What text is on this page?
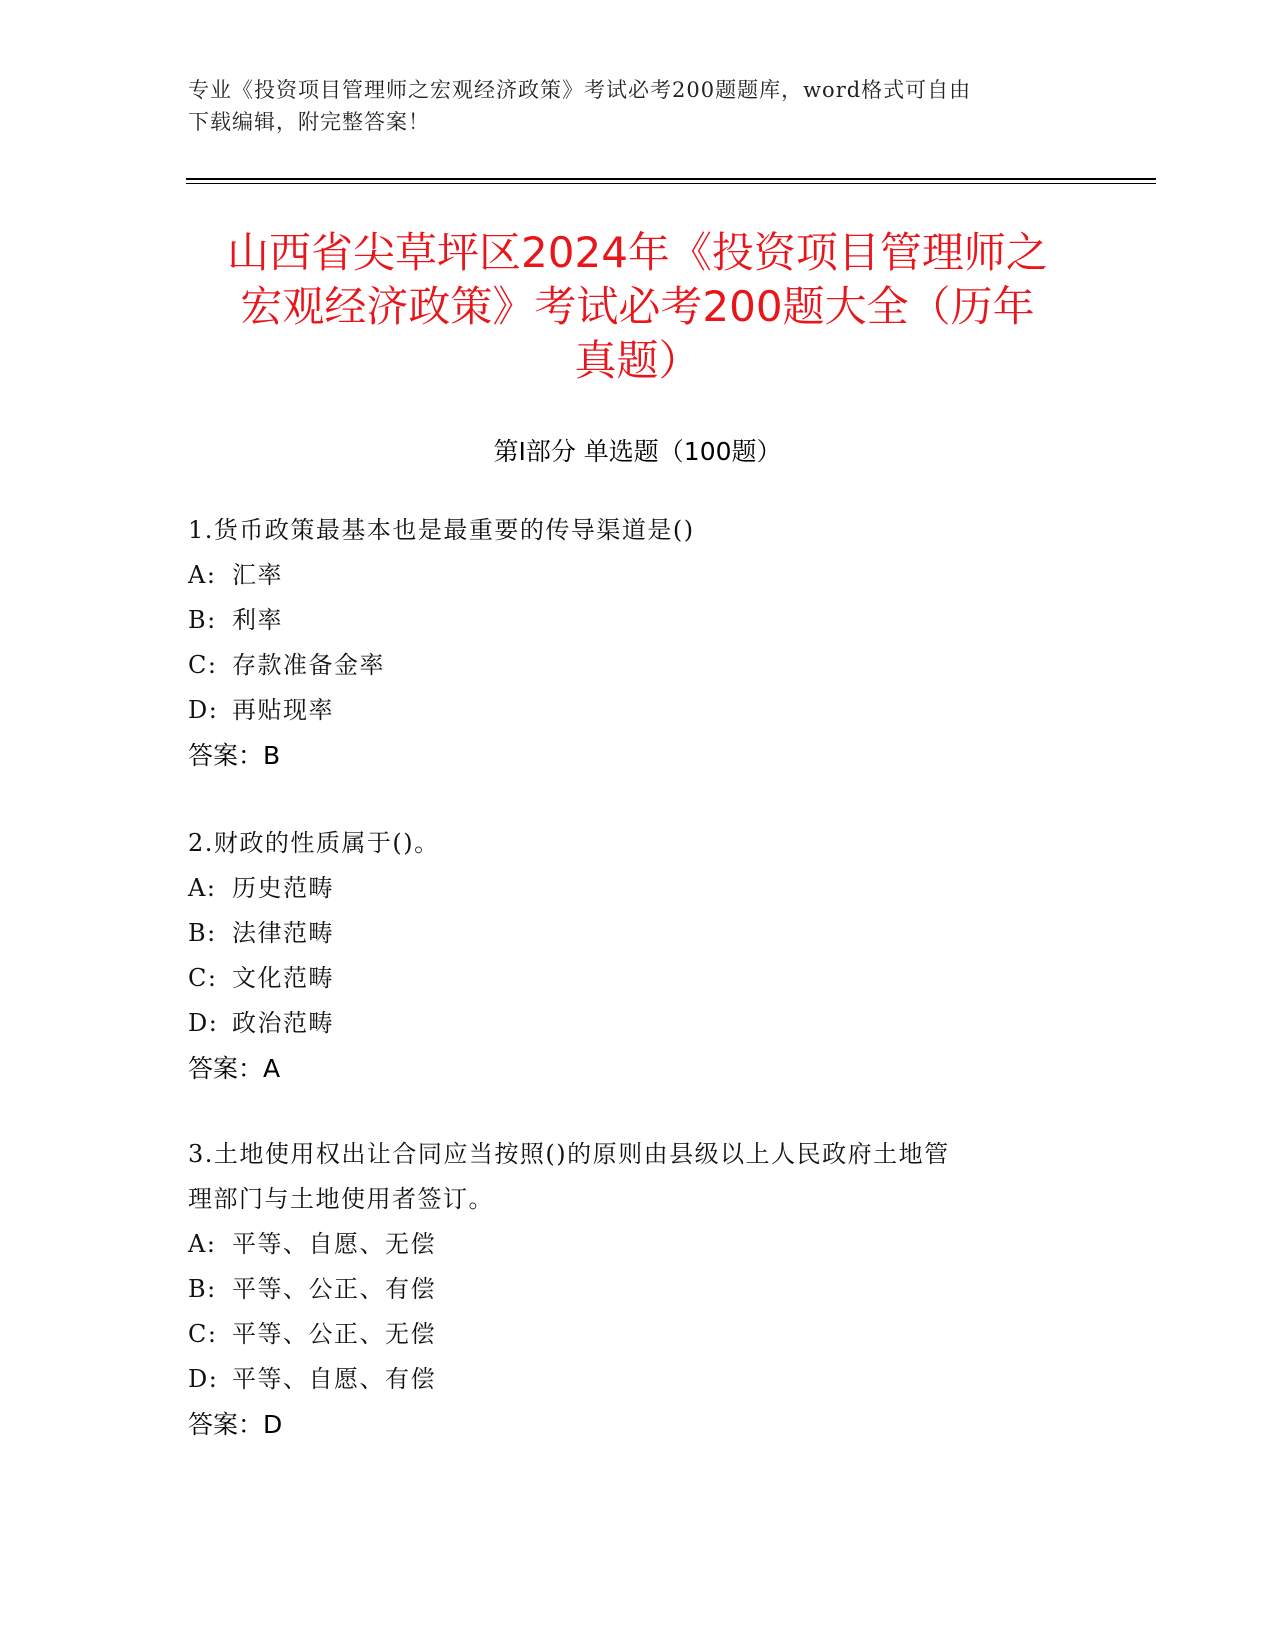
专业《投资项目管理师之宏观经济政策》考试必考200题题库，word格式可自由
下载编辑，附完整答案！
山西省尖草坪区2024年《投资项目管理师之
宏观经济政策》考试必考200题大全（历年
真题）
第I部分 单选题（100题）

1.货币政策最基本也是最重要的传导渠道是()

A: 汇率

B: 利率

C: 存款准备金率

D: 再贴现率

答案：B

2.财政的性质属于()。

A: 历史范畴

B: 法律范畴

C: 文化范畴

D: 政治范畴

答案：A

3.土地使用权出让合同应当按照()的原则由县级以上人民政府土地管

理部门与土地使用者签订。

A: 平等、自愿、无偿

B: 平等、公正、有偿

C: 平等、公正、无偿

D: 平等、自愿、有偿

答案：D
